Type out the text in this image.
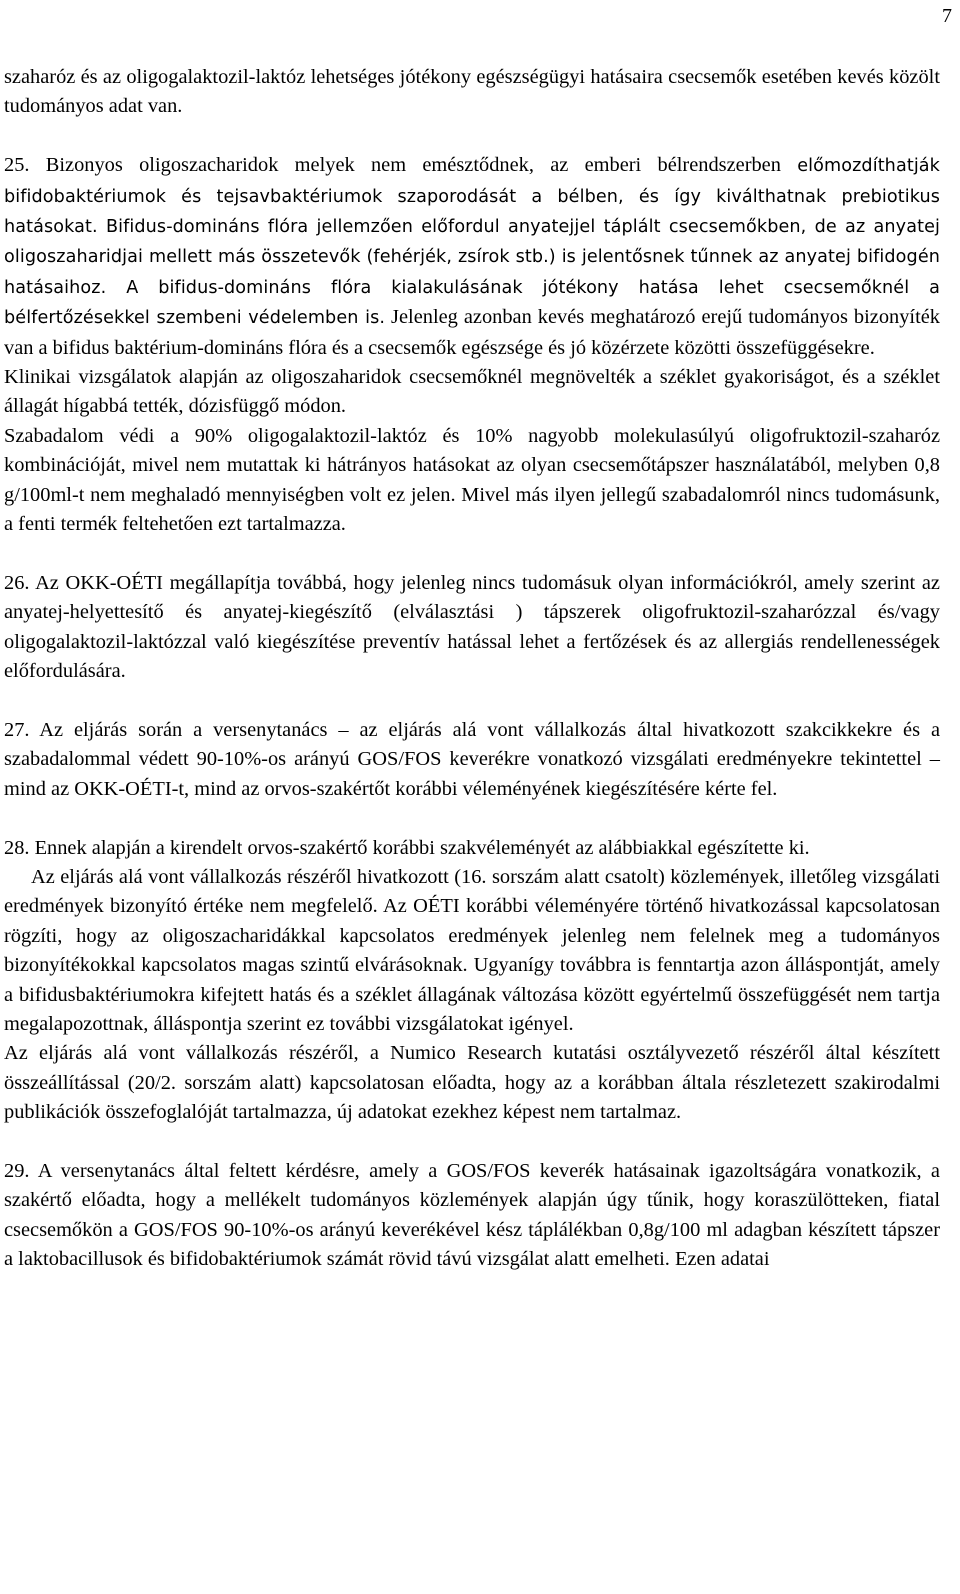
7

szaharóz és az oligogalaktozil-laktóz lehetséges jótékony egészségügyi hatásaira csecsemők esetében kevés közölt tudományos adat van.

25. Bizonyos oligoszacharidok melyek nem emésztődnek, az emberi bélrendszerben előmozdíthatják bifidobaktériumok és tejsavbaktériumok szaporodását a bélben, és így kiválthatnak prebiotikus hatásokat. Bifidus-domináns flóra jellemzően előfordul anyatejjel táplált csecsemőkben, de az anyatej oligoszaharidjai mellett más összetevők (fehérjék, zsírok stb.) is jelentősnek tűnnek az anyatej bifidogén hatásaihoz. A bifidus-domináns flóra kialakulásának jótékony hatása lehet csecsemőknél a bélfertőzésekkel szembeni védelemben is. Jelenleg azonban kevés meghatározó erejű tudományos bizonyíték van a bifidus baktérium-domináns flóra és a csecsemők egészsége és jó közérzete közötti összefüggésekre.

Klinikai vizsgálatok alapján az oligoszaharidok csecsemőknél megnövelték a széklet gyakoriságot, és a széklet állagát hígabbá tették, dózisfüggő módon.

Szabadalom védi a 90% oligogalaktozil-laktóz és 10% nagyobb molekulasúlyú oligofruktozil-szaharóz kombinációját, mivel nem mutattak ki hátrányos hatásokat az olyan csecsemőtápszer használatából, melyben 0,8 g/100ml-t nem meghaladó mennyiségben volt ez jelen. Mivel más ilyen jellegű szabadalomról nincs tudomásunk, a fenti termék feltehetően ezt tartalmazza.

26. Az OKK-OÉTI megállapítja továbbá, hogy jelenleg nincs tudomásuk olyan információkról, amely szerint az anyatej-helyettesítő és anyatej-kiegészítő (elválasztási ) tápszerek oligofruktozil-szaharózzal és/vagy oligogalaktozil-laktózzal való kiegészítése preventív hatással lehet a fertőzések és az allergiás rendellenességek előfordulására.

27. Az eljárás során a versenytanács – az eljárás alá vont vállalkozás által hivatkozott szakcikkekre és a szabadalommal védett 90-10%-os arányú GOS/FOS keverékre vonatkozó vizsgálati eredményekre tekintettel – mind az OKK-OÉTI-t, mind az orvos-szakértőt korábbi véleményének kiegészítésére kérte fel.

28. Ennek alapján a kirendelt orvos-szakértő korábbi szakvéleményét az alábbiakkal egészítette ki.

Az eljárás alá vont vállalkozás részéről hivatkozott (16. sorszám alatt csatolt) közlemények, illetőleg vizsgálati eredmények bizonyító értéke nem megfelelő. Az OÉTI korábbi véleményére történő hivatkozással kapcsolatosan rögzíti, hogy az oligoszacharidákkal kapcsolatos eredmények jelenleg nem felelnek meg a tudományos bizonyítékokkal kapcsolatos magas szintű elvárásoknak. Ugyanígy továbbra is fenntartja azon álláspontját, amely a bifidusbaktériumokra kifejtett hatás és a széklet állagának változása között egyértelmű összefüggését nem tartja megalapozottnak, álláspontja szerint ez további vizsgálatokat igényel.

Az eljárás alá vont vállalkozás részéről, a Numico Research kutatási osztályvezető részéről által készített összeállítással (20/2. sorszám alatt) kapcsolatosan előadta, hogy az a korábban általa részletezett szakirodalmi publikációk összefoglalóját tartalmazza, új adatokat ezekhez képest nem tartalmaz.

29. A versenytanács által feltett kérdésre, amely a GOS/FOS keverék hatásainak igazoltságára vonatkozik, a szakértő előadta, hogy a mellékelt tudományos közlemények alapján úgy tűnik, hogy koraszülötteken, fiatal csecsemőkön a GOS/FOS 90-10%-os arányú keverékével kész táplálékban 0,8g/100 ml adagban készített tápszer a laktobacillusok és bifidobaktériumok számát rövid távú vizsgálat alatt emelheti. Ezen adatai
